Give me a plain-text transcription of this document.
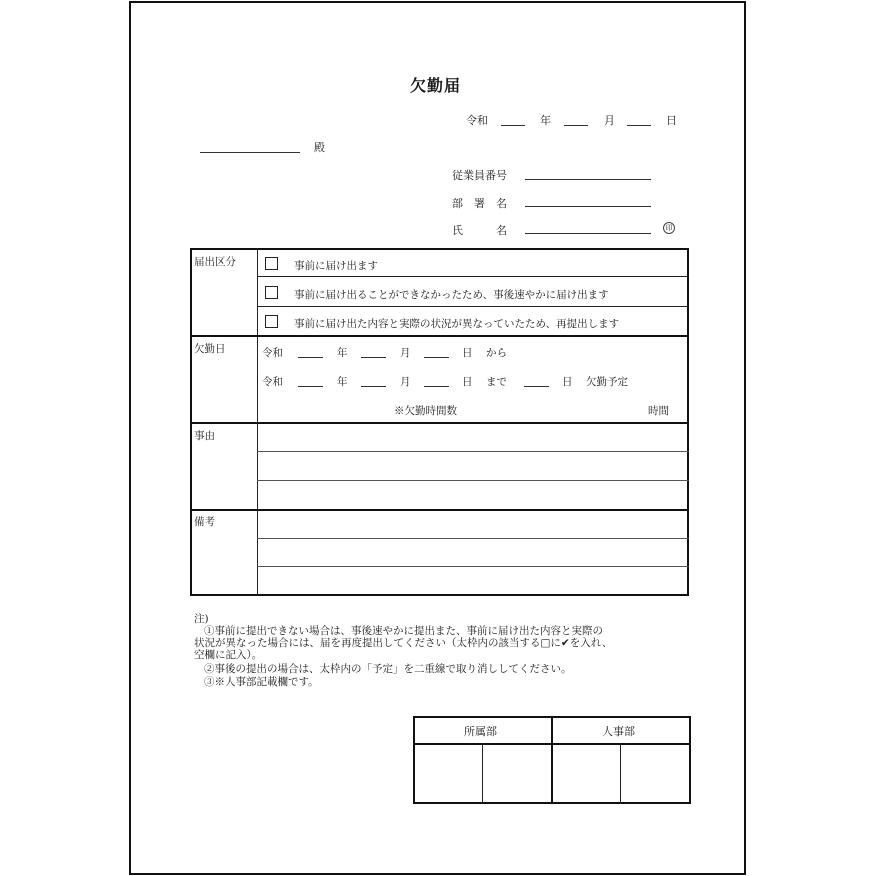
欠勤届
令和	年	月	日
殿
従業員番号
部　署　名
氏　　　名	印
届出区分	事前に届け出ます
事前に届け出ることができなかったため、事後速やかに届け出ます
事前に届け出た内容と実際の状況が異なっていたため、再提出します
欠勤日	令和	年	月	日 から
令和	年	月	日 まで	日 欠勤予定
※欠勤時間数	時間
事由
備考
注)
①事前に提出できない場合は、事後速やかに提出また、事前に届け出た内容と実際の
状況が異なった場合には、届を再度提出してください（太枠内の該当する□に✔を入れ、
空欄に記入）。
②事後の提出の場合は、太枠内の「予定」を二重線で取り消ししてください。
③※人事部記載欄です。
所属部	人事部
